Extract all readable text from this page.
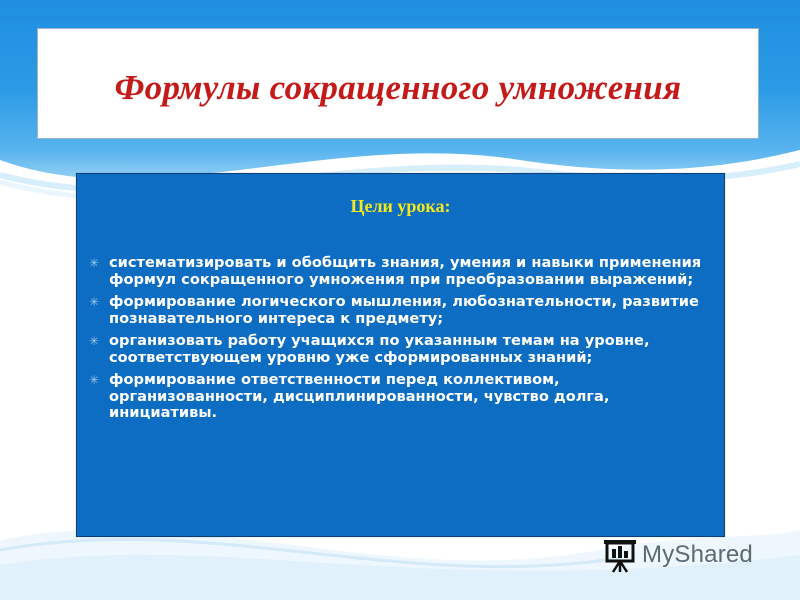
Формулы сокращенного умножения
Цели урока:
✳ систематизировать и обобщить знания, умения и навыки применения формул сокращенного умножения при преобразовании выражений;
✳ формирование логического мышления, любознательности, развитие познавательного интереса к предмету;
✳ организовать работу учащихся по указанным темам на уровне, соответствующем уровню уже сформированных знаний;
✳ формирование ответственности перед коллективом, организованности, дисциплинированности, чувство долга, инициативы.
MyShared
